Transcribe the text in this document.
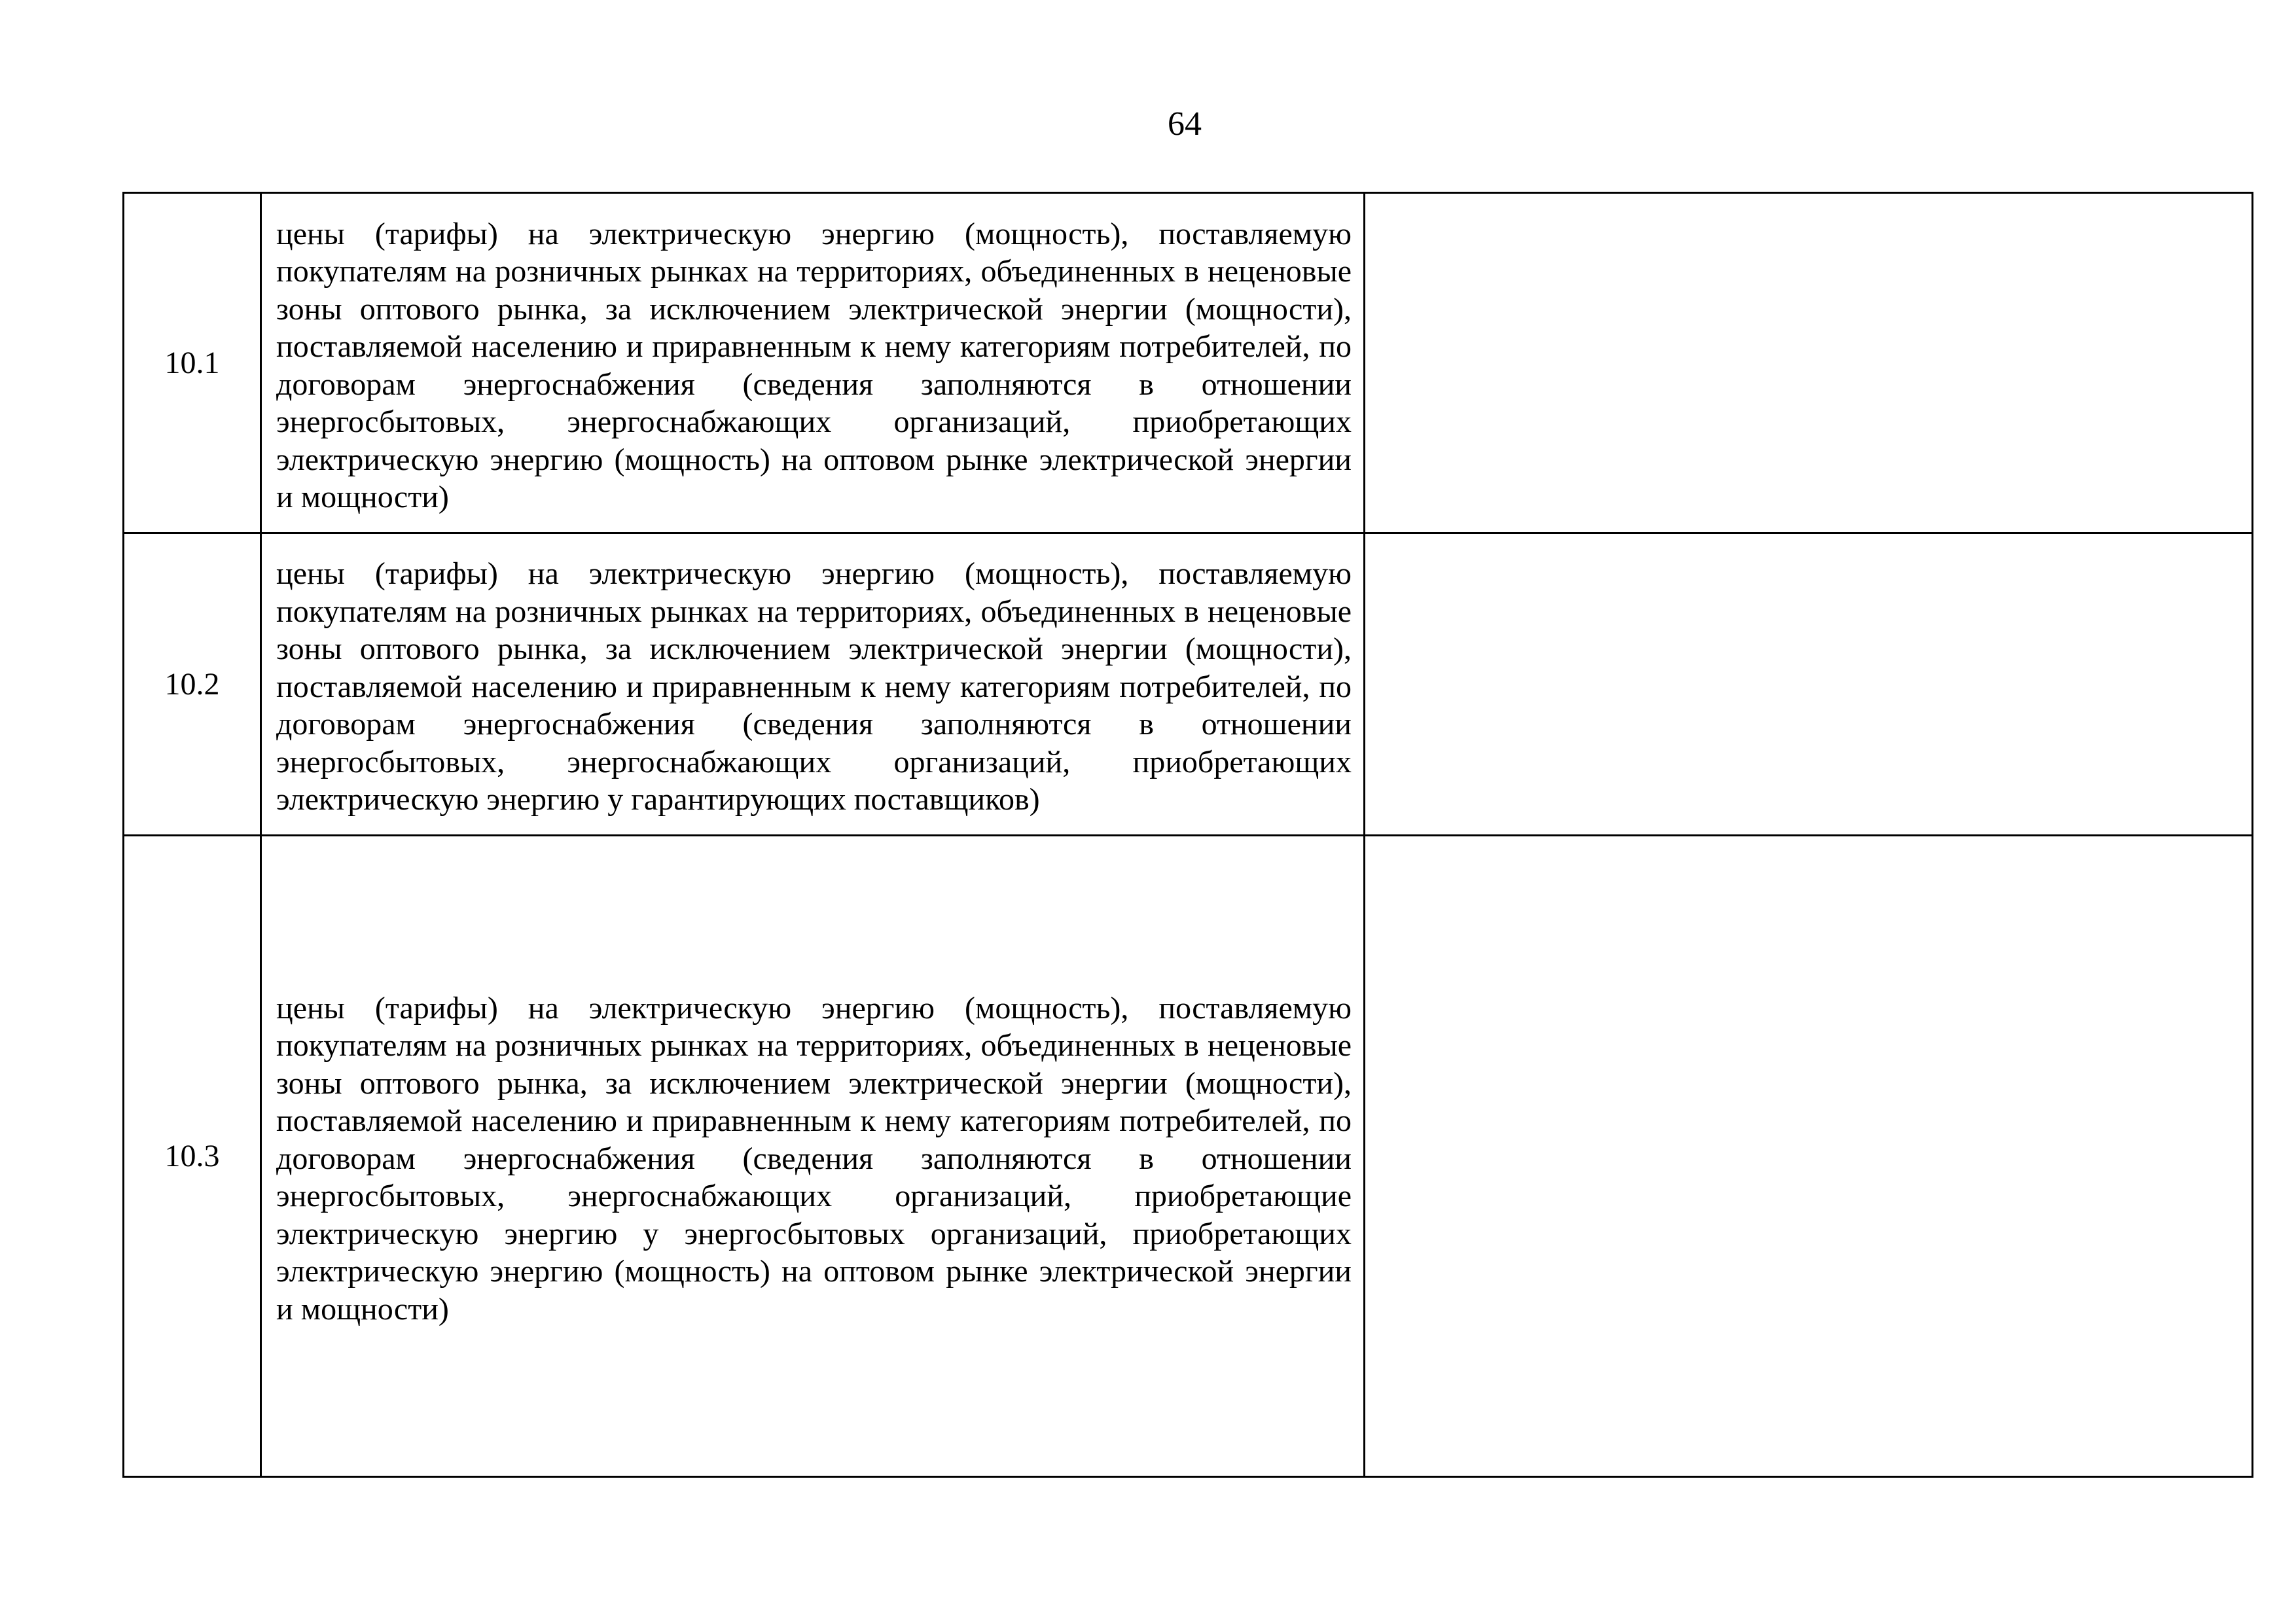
64
10.1	цены (тарифы) на электрическую энергию (мощность), поставляемую покупателям на розничных рынках на территориях, объединенных в неценовые зоны оптового рынка, за исключением электрической энергии (мощности), поставляемой населению и приравненным к нему категориям потребителей, по договорам энергоснабжения (сведения заполняются в отношении энергосбытовых, энергоснабжающих организаций, приобретающих электрическую энергию (мощность) на оптовом рынке электрической энергии и мощности)	

10.2	цены (тарифы) на электрическую энергию (мощность), поставляемую покупателям на розничных рынках на территориях, объединенных в неценовые зоны оптового рынка, за исключением электрической энергии (мощности), поставляемой населению и приравненным к нему категориям потребителей, по договорам энергоснабжения (сведения заполняются в отношении энергосбытовых, энергоснабжающих организаций, приобретающих электрическую энергию у гарантирующих поставщиков)	

10.3	цены (тарифы) на электрическую энергию (мощность), поставляемую покупателям на розничных рынках на территориях, объединенных в неценовые зоны оптового рынка, за исключением электрической энергии (мощности), поставляемой населению и приравненным к нему категориям потребителей, по договорам энергоснабжения (сведения заполняются в отношении энергосбытовых, энергоснабжающих организаций, приобретающие электрическую энергию у энергосбытовых организаций, приобретающих электрическую энергию (мощность) на оптовом рынке электрической энергии и мощности)	
